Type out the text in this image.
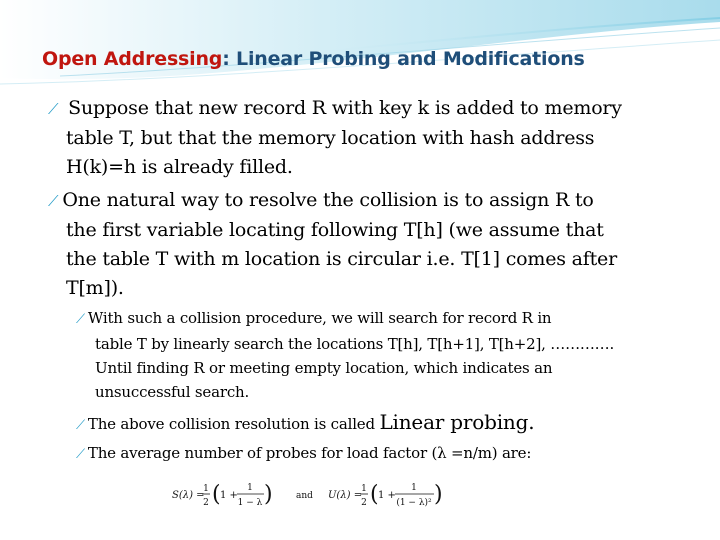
Open Addressing: Linear Probing and Modifications
⟋ Suppose that new record R with key k is added to memory
table T, but that the memory location with hash address
H(k)=h is already filled.
⟋ One natural way to resolve the collision is to assign R to
the first variable locating following T[h] (we assume that
the table T with m location is circular i.e. T[1] comes after
T[m]).
⟋ With such a collision procedure, we will search for record R in
table T by linearly search the locations T[h], T[h+1], T[h+2], ………….
Until finding R or meeting empty location, which indicates an
unsuccessful search.
⟋ The above collision resolution is called Linear probing.
⟋ The average number of probes for load factor (λ =n/m) are:
S(λ) =
1
2 ( 1 +
1
1 − λ )	and U(λ) =
1
2 ( 1 +
1
(1 − λ)² )
